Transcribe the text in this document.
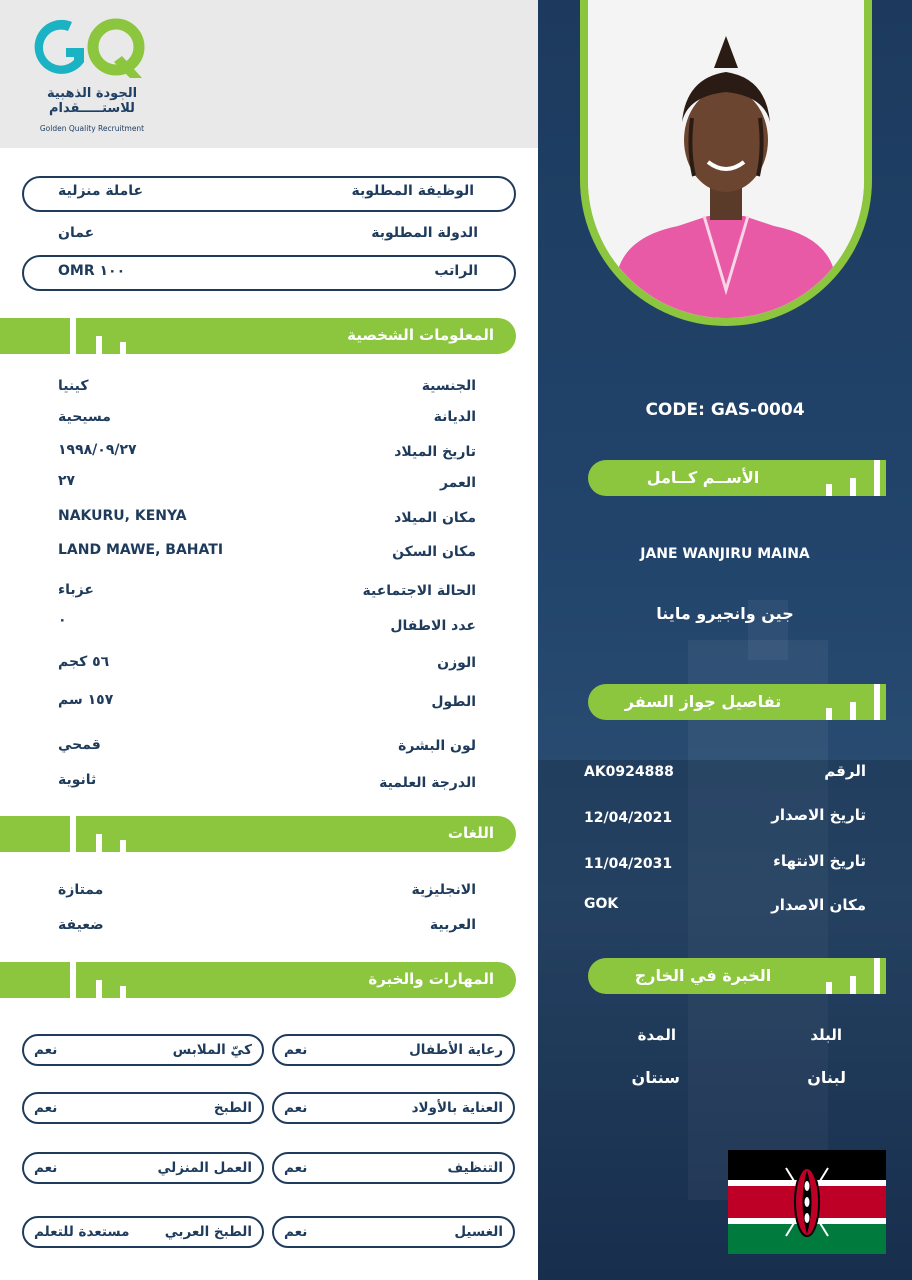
الجودة الذهبية
للاستـــــقدام
Golden Quality Recruitment
الوظيفة المطلوبة
عاملة منزلية
الدولة المطلوبة
عمان
الراتب
OMR ١٠٠
المعلومات الشخصية
الجنسية
كينيا
الديانة
مسيحية
تاريخ الميلاد
١٩٩٨/٠٩/٢٧
العمر
٢٧
مكان الميلاد
NAKURU, KENYA
مكان السكن
LAND MAWE, BAHATI
الحالة الاجتماعية
عزباء
عدد الاطفال
٠
الوزن
٥٦ كجم
الطول
١٥٧ سم
لون البشرة
قمحي
الدرجة العلمية
ثانوية
اللغات
الانجليزية
ممتازة
العربية
ضعيفة
المهارات والخبرة
رعاية الأطفال
نعم
كيّ الملابس
نعم
العناية بالأولاد
نعم
الطبخ
نعم
التنظيف
نعم
العمل المنزلي
نعم
الغسيل
نعم
الطبخ العربي
مستعدة للتعلم
CODE: GAS-0004
الأســم كــامل
JANE WANJIRU MAINA
جين وانجيرو ماينا
تفاصيل جواز السفر
الرقم
AK0924888
تاريخ الاصدار
12/04/2021
تاريخ الانتهاء
11/04/2031
مكان الاصدار
GOK
الخبرة في الخارج
البلد
المدة
لبنان
سنتان
